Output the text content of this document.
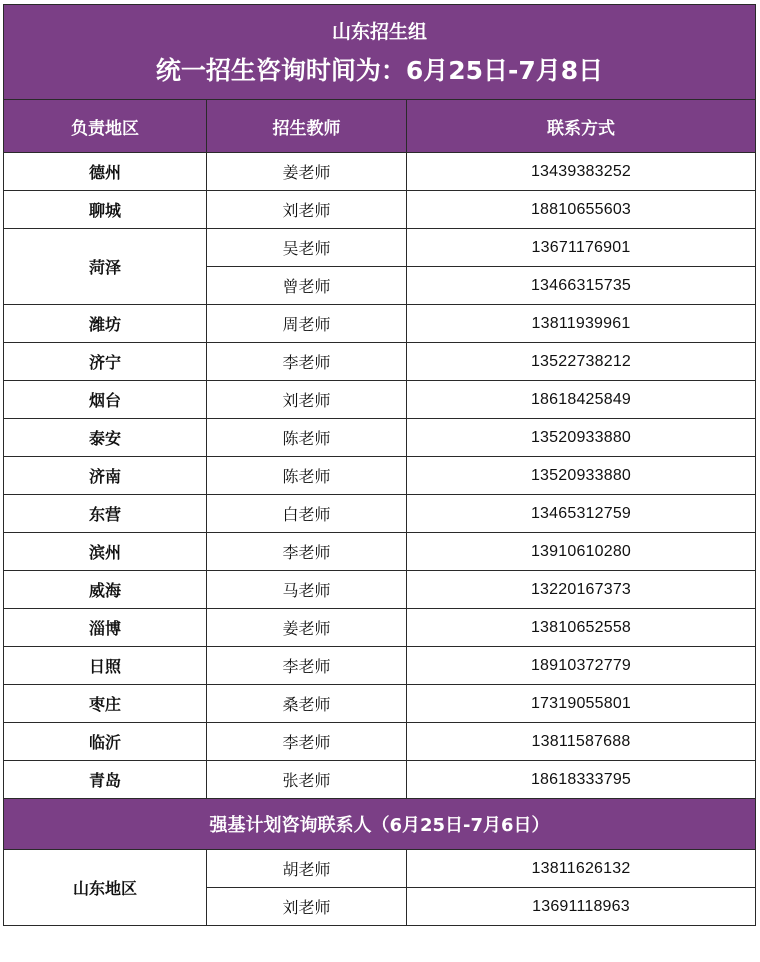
山东招生组
统一招生咨询时间为：6月25日-7月8日		

负责地区	招生教师	联系方式
德州	姜老师	13439383252
聊城	刘老师	18810655603
菏泽	吴老师	13671176901
	曾老师	13466315735
潍坊	周老师	13811939961
济宁	李老师	13522738212
烟台	刘老师	18618425849
泰安	陈老师	13520933880
济南	陈老师	13520933880
东营	白老师	13465312759
滨州	李老师	13910610280
威海	马老师	13220167373
淄博	姜老师	13810652558
日照	李老师	18910372779
枣庄	桑老师	17319055801
临沂	李老师	13811587688
青岛	张老师	18618333795
强基计划咨询联系人（6月25日-7月6日）		
山东地区	胡老师	13811626132
	刘老师	13691118963
